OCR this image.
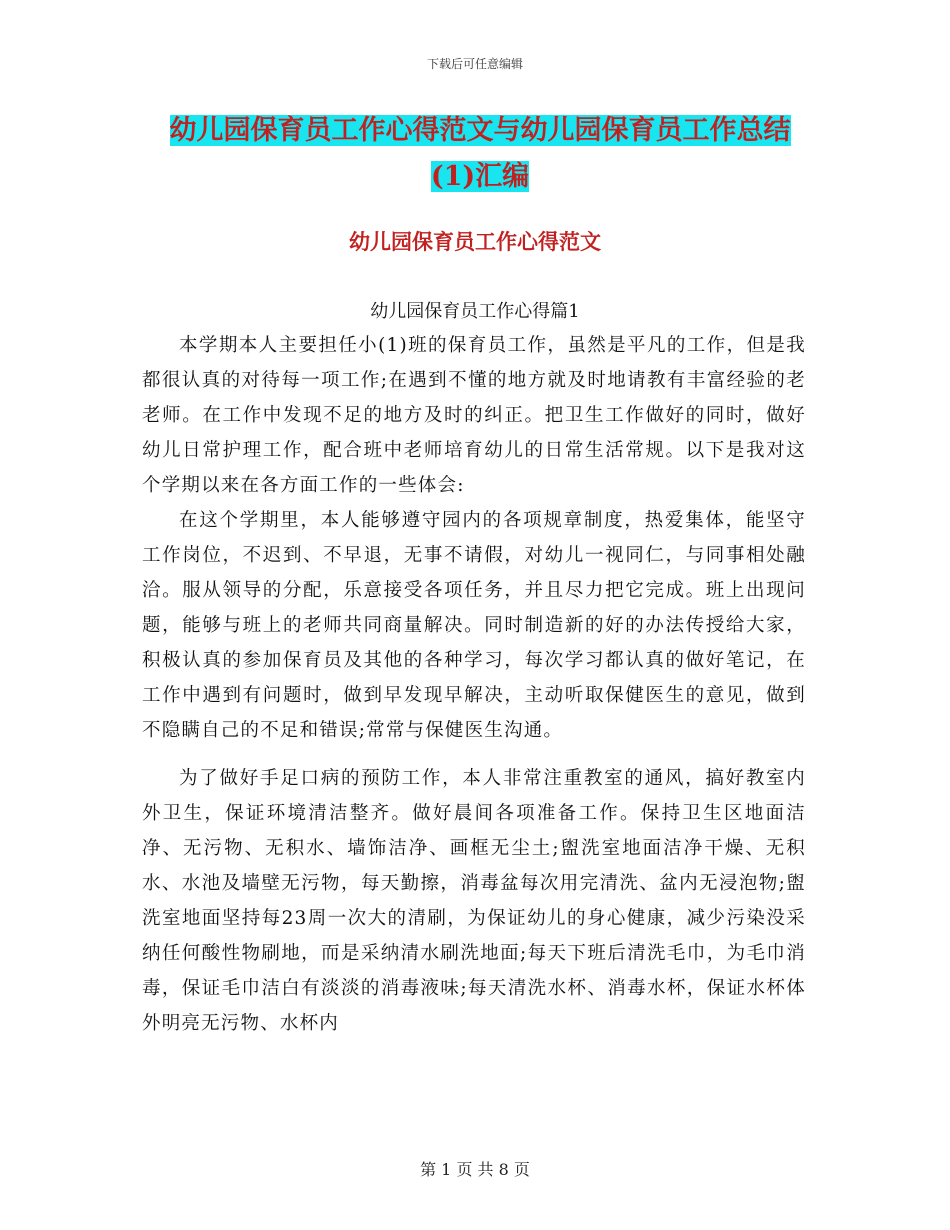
下载后可任意编辑
幼儿园保育员工作心得范文与幼儿园保育员工作总结
(1)汇编
幼儿园保育员工作心得范文
幼儿园保育员工作心得篇1

本学期本人主要担任小(1)班的保育员工作，虽然是平凡的工作，但是我都很认真的对待每一项工作;在遇到不懂的地方就及时地请教有丰富经验的老老师。在工作中发现不足的地方及时的纠正。把卫生工作做好的同时，做好幼儿日常护理工作，配合班中老师培育幼儿的日常生活常规。以下是我对这个学期以来在各方面工作的一些体会:

在这个学期里，本人能够遵守园内的各项规章制度，热爱集体，能坚守工作岗位，不迟到、不早退，无事不请假，对幼儿一视同仁，与同事相处融洽。服从领导的分配，乐意接受各项任务，并且尽力把它完成。班上出现问题，能够与班上的老师共同商量解决。同时制造新的好的办法传授给大家，积极认真的参加保育员及其他的各种学习，每次学习都认真的做好笔记，在工作中遇到有问题时，做到早发现早解决，主动听取保健医生的意见，做到不隐瞒自己的不足和错误;常常与保健医生沟通。

为了做好手足口病的预防工作，本人非常注重教室的通风，搞好教室内外卫生，保证环境清洁整齐。做好晨间各项准备工作。保持卫生区地面洁净、无污物、无积水、墙饰洁净、画框无尘土;盥洗室地面洁净干燥、无积水、水池及墙壁无污物，每天勤擦，消毒盆每次用完清洗、盆内无浸泡物;盥洗室地面坚持每23周一次大的清刷，为保证幼儿的身心健康，减少污染没采纳任何酸性物刷地，而是采纳清水刷洗地面;每天下班后清洗毛巾，为毛巾消毒，保证毛巾洁白有淡淡的消毒液味;每天清洗水杯、消毒水杯，保证水杯体外明亮无污物、水杯内

第 1 页 共 8 页
